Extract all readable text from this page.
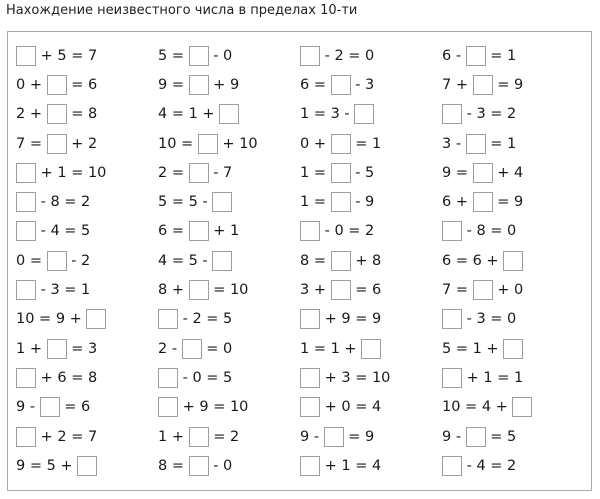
Нахождение неизвестного числа в пределах 10-ти
+ 5 = 7
0 + = 6
2 + = 8
7 = + 2
+ 1 = 10
- 8 = 2
- 4 = 5
0 = - 2
- 3 = 1
10 = 9 +
1 + = 3
+ 6 = 8
9 - = 6
+ 2 = 7
9 = 5 +
5 = - 0
9 = + 9
4 = 1 +
10 = + 10
2 = - 7
5 = 5 -
6 = + 1
4 = 5 -
8 + = 10
- 2 = 5
2 - = 0
- 0 = 5
+ 9 = 10
1 + = 2
8 = - 0
- 2 = 0
6 = - 3
1 = 3 -
0 + = 1
1 = - 5
1 = - 9
- 0 = 2
8 = + 8
3 + = 6
+ 9 = 9
1 = 1 +
+ 3 = 10
+ 0 = 4
9 - = 9
+ 1 = 4
6 - = 1
7 + = 9
- 3 = 2
3 - = 1
9 = + 4
6 + = 9
- 8 = 0
6 = 6 +
7 = + 0
- 3 = 0
5 = 1 +
+ 1 = 1
10 = 4 +
9 - = 5
- 4 = 2
